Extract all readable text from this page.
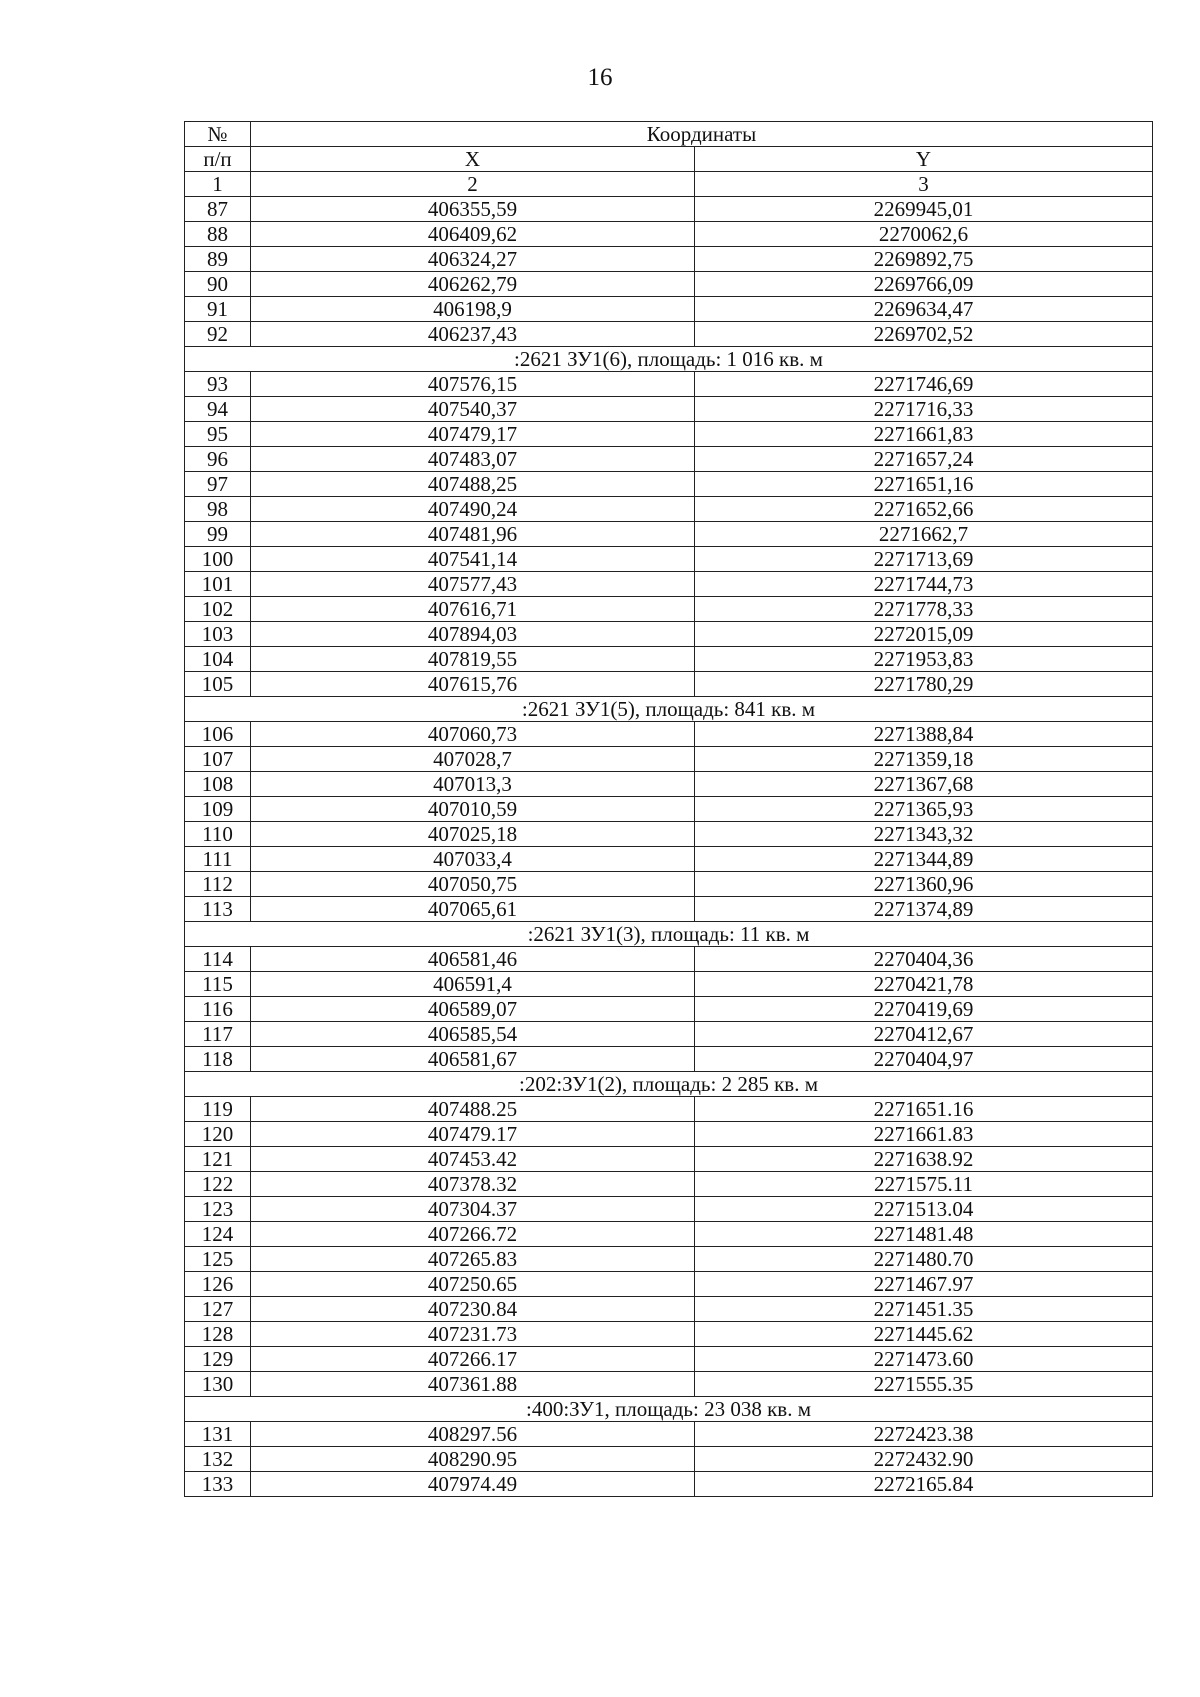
16
№	Координаты	
п/п	X	Y
1	2	3
87	406355,59	2269945,01
88	406409,62	2270062,6
89	406324,27	2269892,75
90	406262,79	2269766,09
91	406198,9	2269634,47
92	406237,43	2269702,52
:2621 ЗУ1(6), площадь: 1 016 кв. м		
93	407576,15	2271746,69
94	407540,37	2271716,33
95	407479,17	2271661,83
96	407483,07	2271657,24
97	407488,25	2271651,16
98	407490,24	2271652,66
99	407481,96	2271662,7
100	407541,14	2271713,69
101	407577,43	2271744,73
102	407616,71	2271778,33
103	407894,03	2272015,09
104	407819,55	2271953,83
105	407615,76	2271780,29
:2621 ЗУ1(5), площадь: 841 кв. м		
106	407060,73	2271388,84
107	407028,7	2271359,18
108	407013,3	2271367,68
109	407010,59	2271365,93
110	407025,18	2271343,32
111	407033,4	2271344,89
112	407050,75	2271360,96
113	407065,61	2271374,89
:2621 ЗУ1(3), площадь: 11 кв. м		
114	406581,46	2270404,36
115	406591,4	2270421,78
116	406589,07	2270419,69
117	406585,54	2270412,67
118	406581,67	2270404,97
:202:ЗУ1(2), площадь: 2 285 кв. м		
119	407488.25	2271651.16
120	407479.17	2271661.83
121	407453.42	2271638.92
122	407378.32	2271575.11
123	407304.37	2271513.04
124	407266.72	2271481.48
125	407265.83	2271480.70
126	407250.65	2271467.97
127	407230.84	2271451.35
128	407231.73	2271445.62
129	407266.17	2271473.60
130	407361.88	2271555.35
:400:ЗУ1, площадь: 23 038 кв. м		
131	408297.56	2272423.38
132	408290.95	2272432.90
133	407974.49	2272165.84
